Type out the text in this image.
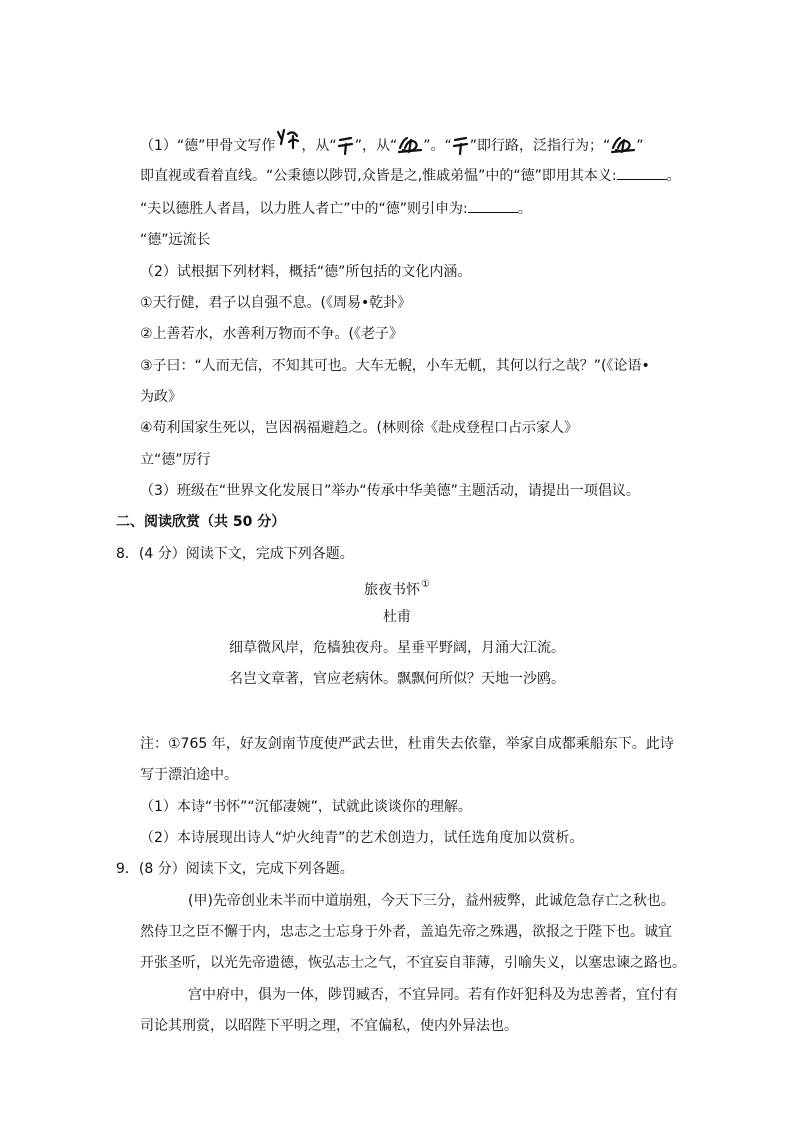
（1）“德”甲骨文写作 ，从“ ”，从“ ”。“ ”即行路，泛指行为；“ ”
即直视或看着直线。“公秉德以陟罚,众皆是之,惟戚弟愠”中的“德”即用其本义:	。
“夫以德胜人者昌，以力胜人者亡”中的“德”则引申为:	。
“德”远流长
（2）试根据下列材料，概括“德”所包括的文化内涵。
①天行健，君子以自强不息。(《周易•乾卦》
②上善若水，水善利万物而不争。(《老子》
③子曰：“人而无信，不知其可也。大车无輗，小车无軏，其何以行之哉？”(《论语•
为政》
④苟利国家生死以，岂因祸福避趋之。(林则徐《赴戍登程口占示家人》
立“德”厉行
（3）班级在“世界文化发展日”举办“传承中华美德”主题活动，请提出一项倡议。
二、阅读欣赏（共 50 分）
8．(4 分）阅读下文，完成下列各题。
旅夜书怀①
杜甫
细草微风岸，危樯独夜舟。星垂平野阔，月涌大江流。
名岂文章著，官应老病休。飘飘何所似？天地一沙鸥。
注：①765 年，好友剑南节度使严武去世，杜甫失去依靠，举家自成都乘船东下。此诗
写于漂泊途中。
（1）本诗“书怀”“沉郁凄婉”，试就此谈谈你的理解。
（2）本诗展现出诗人“炉火纯青”的艺术创造力，试任选角度加以赏析。
9．(8 分）阅读下文，完成下列各题。
(甲)先帝创业未半而中道崩殂，今天下三分，益州疲弊，此诚危急存亡之秋也。
然侍卫之臣不懈于内，忠志之士忘身于外者，盖追先帝之殊遇，欲报之于陛下也。诚宜
开张圣听，以光先帝遗德，恢弘志士之气，不宜妄自菲薄，引喻失义，以塞忠谏之路也。
宫中府中，俱为一体，陟罚臧否，不宜异同。若有作奸犯科及为忠善者，宜付有
司论其刑赏，以昭陛下平明之理，不宜偏私，使内外异法也。
